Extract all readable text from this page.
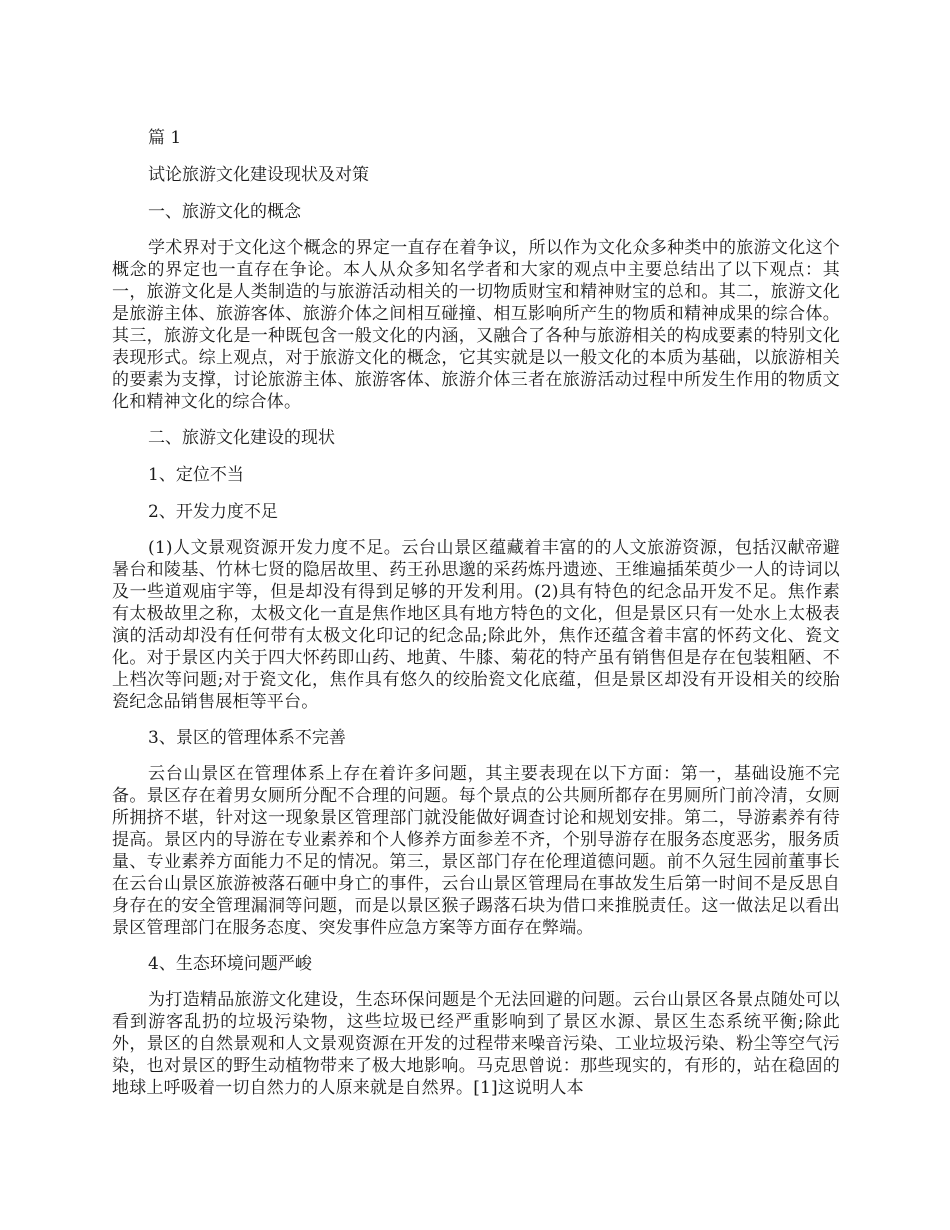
篇 1
试论旅游文化建设现状及对策
一、旅游文化的概念

学术界对于文化这个概念的界定一直存在着争议，所以作为文化众多种类中的旅游文化这个概念的界定也一直存在争论。本人从众多知名学者和大家的观点中主要总结出了以下观点：其一，旅游文化是人类制造的与旅游活动相关的一切物质财宝和精神财宝的总和。其二，旅游文化是旅游主体、旅游客体、旅游介体之间相互碰撞、相互影响所产生的物质和精神成果的综合体。其三，旅游文化是一种既包含一般文化的内涵，又融合了各种与旅游相关的构成要素的特别文化表现形式。综上观点，对于旅游文化的概念，它其实就是以一般文化的本质为基础，以旅游相关的要素为支撑，讨论旅游主体、旅游客体、旅游介体三者在旅游活动过程中所发生作用的物质文化和精神文化的综合体。

二、旅游文化建设的现状
1、定位不当
2、开发力度不足

(1)人文景观资源开发力度不足。云台山景区蕴藏着丰富的的人文旅游资源，包括汉献帝避暑台和陵基、竹林七贤的隐居故里、药王孙思邈的采药炼丹遗迹、王维遍插茱萸少一人的诗词以及一些道观庙宇等，但是却没有得到足够的开发利用。(2)具有特色的纪念品开发不足。焦作素有太极故里之称，太极文化一直是焦作地区具有地方特色的文化，但是景区只有一处水上太极表演的活动却没有任何带有太极文化印记的纪念品;除此外，焦作还蕴含着丰富的怀药文化、瓷文化。对于景区内关于四大怀药即山药、地黄、牛膝、菊花的特产虽有销售但是存在包装粗陋、不上档次等问题;对于瓷文化，焦作具有悠久的绞胎瓷文化底蕴，但是景区却没有开设相关的绞胎瓷纪念品销售展柜等平台。

3、景区的管理体系不完善

云台山景区在管理体系上存在着许多问题，其主要表现在以下方面：第一，基础设施不完备。景区存在着男女厕所分配不合理的问题。每个景点的公共厕所都存在男厕所门前冷清，女厕所拥挤不堪，针对这一现象景区管理部门就没能做好调查讨论和规划安排。第二，导游素养有待提高。景区内的导游在专业素养和个人修养方面参差不齐，个别导游存在服务态度恶劣，服务质量、专业素养方面能力不足的情况。第三，景区部门存在伦理道德问题。前不久冠生园前董事长在云台山景区旅游被落石砸中身亡的事件，云台山景区管理局在事故发生后第一时间不是反思自身存在的安全管理漏洞等问题，而是以景区猴子踢落石块为借口来推脱责任。这一做法足以看出景区管理部门在服务态度、突发事件应急方案等方面存在弊端。

4、生态环境问题严峻

为打造精品旅游文化建设，生态环保问题是个无法回避的问题。云台山景区各景点随处可以看到游客乱扔的垃圾污染物，这些垃圾已经严重影响到了景区水源、景区生态系统平衡;除此外，景区的自然景观和人文景观资源在开发的过程带来噪音污染、工业垃圾污染、粉尘等空气污染，也对景区的野生动植物带来了极大地影响。马克思曾说：那些现实的，有形的，站在稳固的地球上呼吸着一切自然力的人原来就是自然界。[1]这说明人本
